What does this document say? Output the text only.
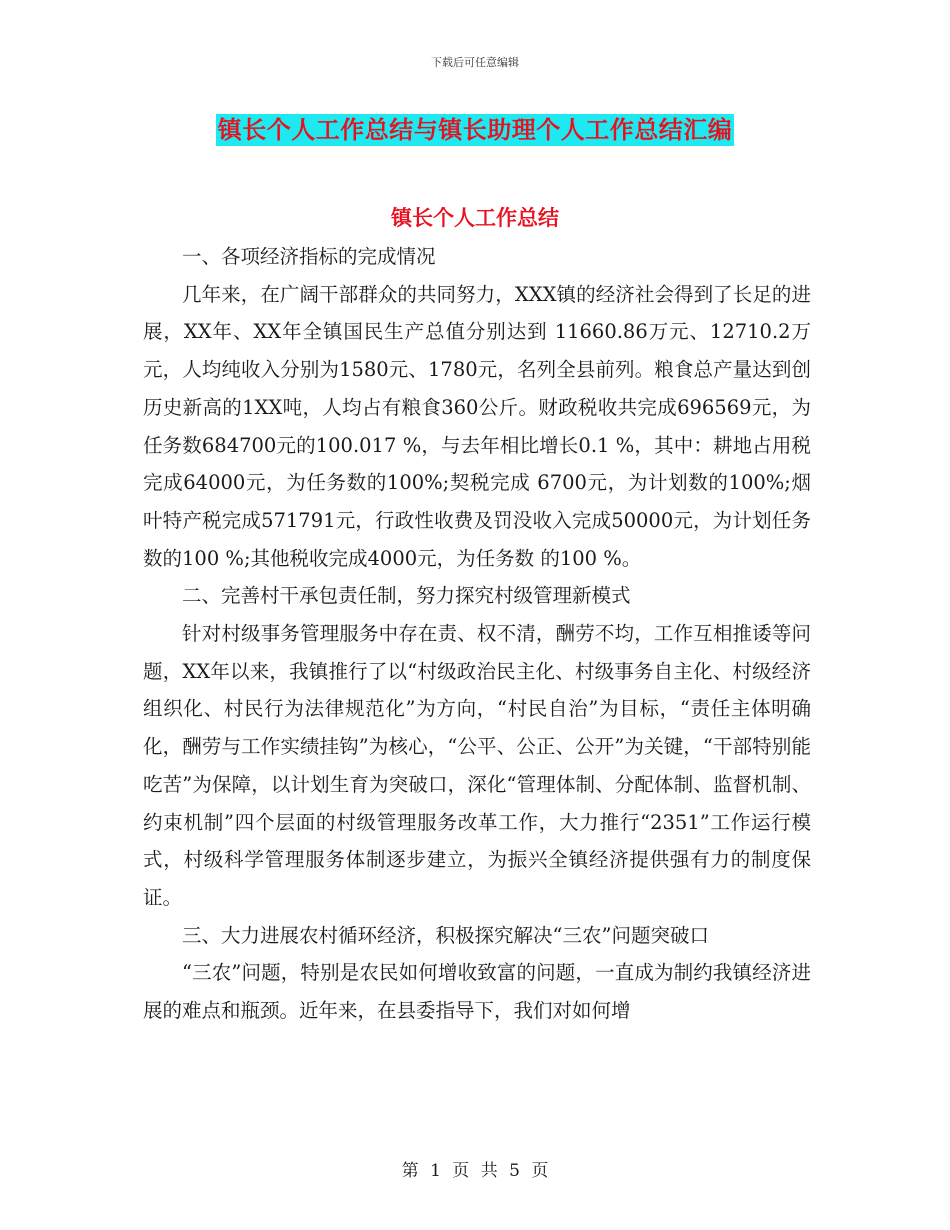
下载后可任意编辑
镇长个人工作总结与镇长助理个人工作总结汇编
镇长个人工作总结

一、各项经济指标的完成情况

几年来，在广阔干部群众的共同努力，XXX镇的经济社会得到了长足的进展，XX年、XX年全镇国民生产总值分别达到 11660.86万元、12710.2万元，人均纯收入分别为1580元、1780元，名列全县前列。粮食总产量达到创历史新高的1XX吨，人均占有粮食360公斤。财政税收共完成696569元，为任务数684700元的100.017 %，与去年相比增长0.1 %，其中：耕地占用税完成64000元，为任务数的100%;契税完成 6700元，为计划数的100%;烟叶特产税完成571791元，行政性收费及罚没收入完成50000元，为计划任务数的100 %;其他税收完成4000元，为任务数 的100 %。

二、完善村干承包责任制，努力探究村级管理新模式

针对村级事务管理服务中存在责、权不清，酬劳不均，工作互相推诿等问题，XX年以来，我镇推行了以“村级政治民主化、村级事务自主化、村级经济组织化、村民行为法律规范化”为方向，“村民自治”为目标，“责任主体明确化，酬劳与工作实绩挂钩”为核心，“公平、公正、公开”为关键，“干部特别能吃苦”为保障，以计划生育为突破口，深化“管理体制、分配体制、监督机制、约束机制”四个层面的村级管理服务改革工作，大力推行“2351”工作运行模式，村级科学管理服务体制逐步建立，为振兴全镇经济提供强有力的制度保证。

三、大力进展农村循环经济，积极探究解决“三农”问题突破口

“三农”问题，特别是农民如何增收致富的问题，一直成为制约我镇经济进展的难点和瓶颈。近年来，在县委指导下，我们对如何增

第 1 页 共 5 页
